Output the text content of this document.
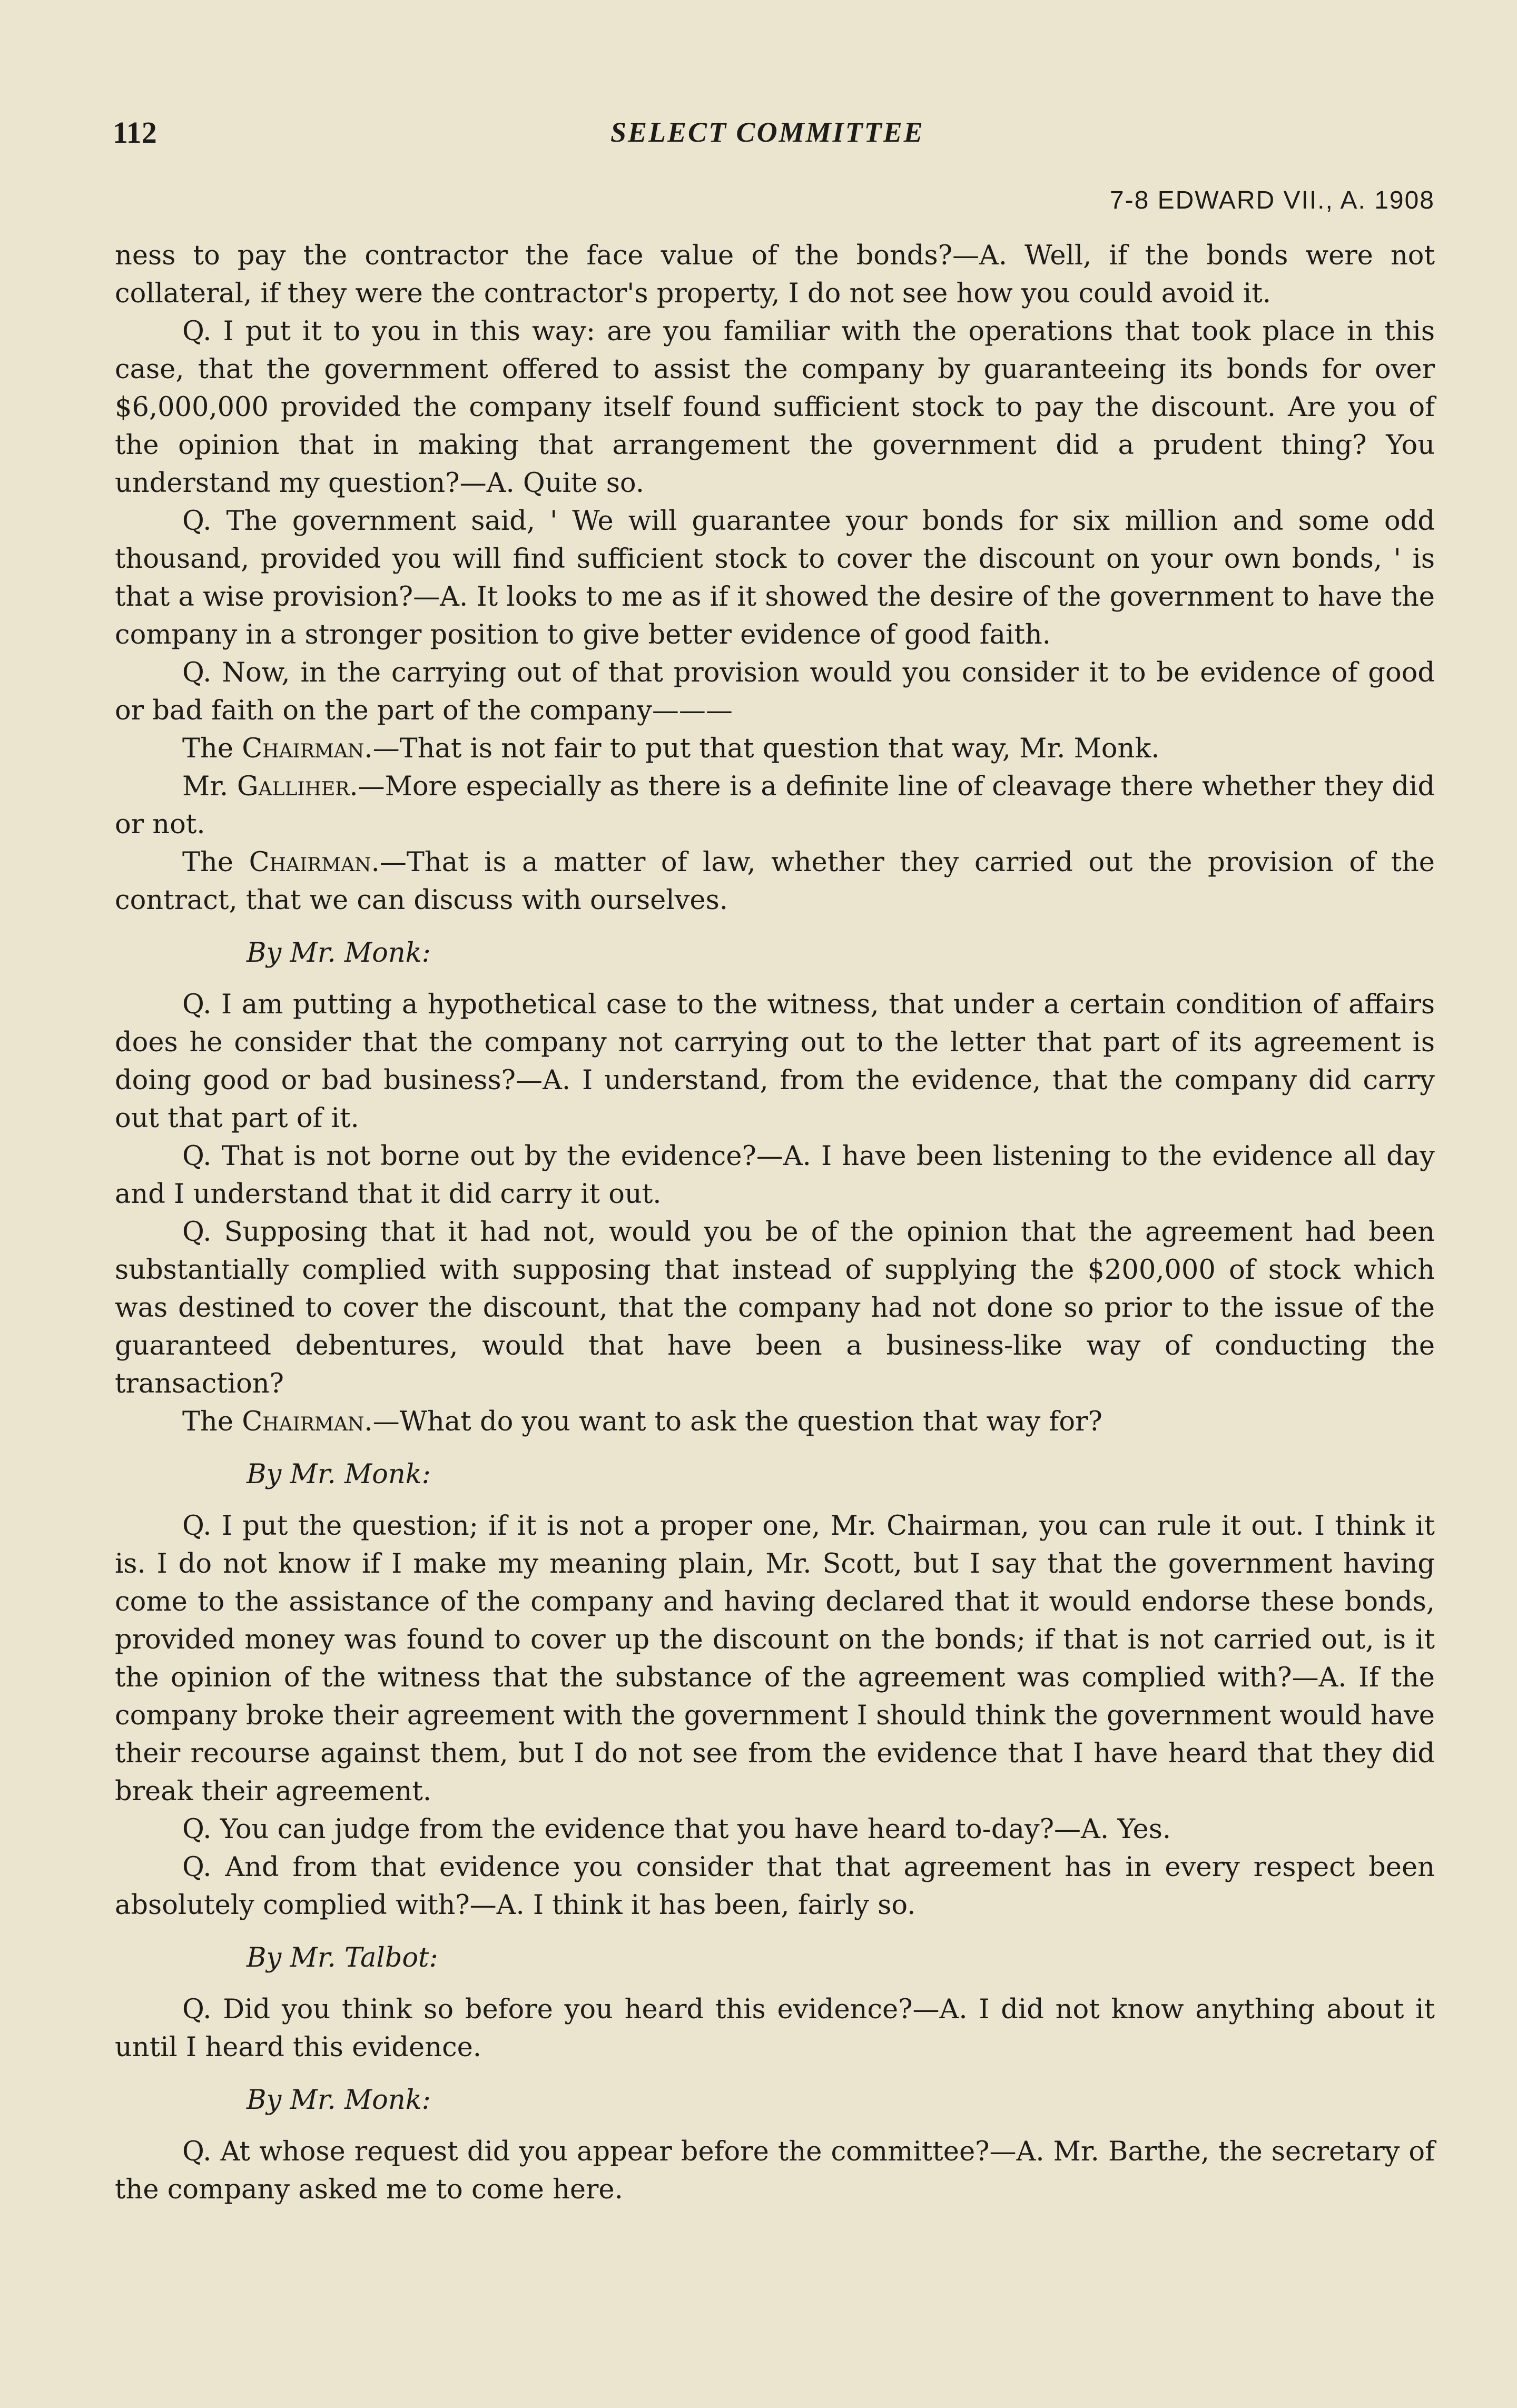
112	SELECT COMMITTEE
7-8 EDWARD VII., A. 1908

ness to pay the contractor the face value of the bonds?—A. Well, if the bonds were not collateral, if they were the contractor's property, I do not see how you could avoid it.

Q. I put it to you in this way: are you familiar with the operations that took place in this case, that the government offered to assist the company by guaranteeing its bonds for over $6,000,000 provided the company itself found sufficient stock to pay the discount. Are you of the opinion that in making that arrangement the government did a prudent thing? You understand my question?—A. Quite so.

Q. The government said, ' We will guarantee your bonds for six million and some odd thousand, provided you will find sufficient stock to cover the discount on your own bonds, ' is that a wise provision?—A. It looks to me as if it showed the desire of the government to have the company in a stronger position to give better evidence of good faith.

Q. Now, in the carrying out of that provision would you consider it to be evidence of good or bad faith on the part of the company———

The Chairman.—That is not fair to put that question that way, Mr. Monk.

Mr. Galliher.—More especially as there is a definite line of cleavage there whether they did or not.

The Chairman.—That is a matter of law, whether they carried out the provision of the contract, that we can discuss with ourselves.

By Mr. Monk:

Q. I am putting a hypothetical case to the witness, that under a certain condition of affairs does he consider that the company not carrying out to the letter that part of its agreement is doing good or bad business?—A. I understand, from the evidence, that the company did carry out that part of it.

Q. That is not borne out by the evidence?—A. I have been listening to the evidence all day and I understand that it did carry it out.

Q. Supposing that it had not, would you be of the opinion that the agreement had been substantially complied with supposing that instead of supplying the $200,000 of stock which was destined to cover the discount, that the company had not done so prior to the issue of the guaranteed debentures, would that have been a business-like way of conducting the transaction?

The Chairman.—What do you want to ask the question that way for?

By Mr. Monk:

Q. I put the question; if it is not a proper one, Mr. Chairman, you can rule it out. I think it is. I do not know if I make my meaning plain, Mr. Scott, but I say that the government having come to the assistance of the company and having declared that it would endorse these bonds, provided money was found to cover up the discount on the bonds; if that is not carried out, is it the opinion of the witness that the substance of the agreement was complied with?—A. If the company broke their agreement with the government I should think the government would have their recourse against them, but I do not see from the evidence that I have heard that they did break their agreement.

Q. You can judge from the evidence that you have heard to-day?—A. Yes.

Q. And from that evidence you consider that that agreement has in every respect been absolutely complied with?—A. I think it has been, fairly so.

By Mr. Talbot:

Q. Did you think so before you heard this evidence?—A. I did not know anything about it until I heard this evidence.

By Mr. Monk:

Q. At whose request did you appear before the committee?—A. Mr. Barthe, the secretary of the company asked me to come here.
